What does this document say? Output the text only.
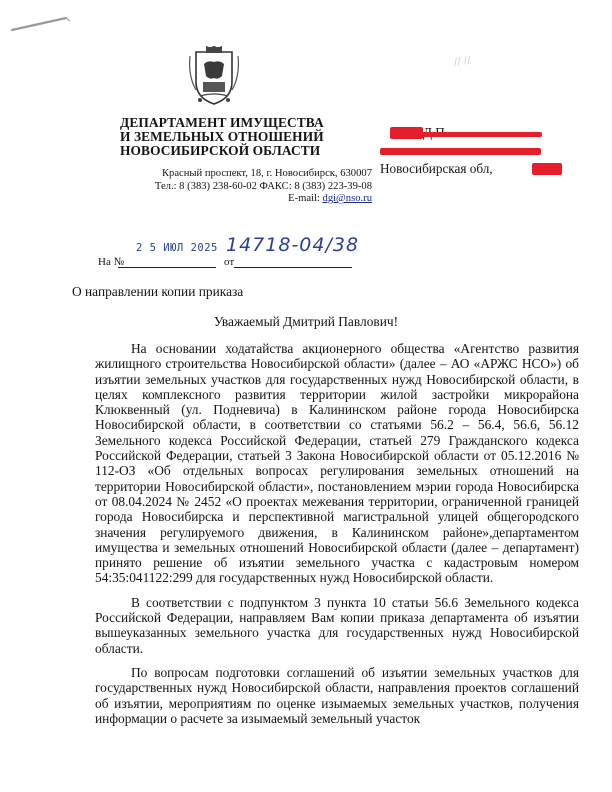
ДЕПАРТАМЕНТ ИМУЩЕСТВА
И ЗЕМЕЛЬНЫХ ОТНОШЕНИЙ
НОВОСИБИРСКОЙ ОБЛАСТИ
Красный проспект, 18, г. Новосибирск, 630007
Тел.: 8 (383) 238-60-02 ФАКС: 8 (383) 223-39-08
E-mail: dgi@nso.ru
2 5 ИЮЛ 2025 14718-04/38
На №	от
∕∕ ∕∕
Новосибирская обл,
О направлении копии приказа
Уважаемый Дмитрий Павлович!

На основании ходатайства акционерного общества «Агентство развития жилищного строительства Новосибирской области» (далее – АО «АРЖС НСО») об изъятии земельных участков для государственных нужд Новосибирской области, в целях комплексного развития территории жилой застройки микрорайона Клюквенный (ул. Подневича) в Калининском районе города Новосибирска Новосибирской области, в соответствии со статьями 56.2 – 56.4, 56.6, 56.12 Земельного кодекса Российской Федерации, статьей 279 Гражданского кодекса Российской Федерации, статьей 3 Закона Новосибирской области от 05.12.2016 № 112-ОЗ «Об отдельных вопросах регулирования земельных отношений на территории Новосибирской области», постановлением мэрии города Новосибирска от 08.04.2024 № 2452 «О проектах межевания территории, ограниченной границей города Новосибирска и перспективной магистральной улицей общегородского значения регулируемого движения, в Калининском районе»,департаментом имущества и земельных отношений Новосибирской области (далее – департамент) принято решение об изъятии земельного участка с кадастровым номером 54:35:041122:299 для государственных нужд Новосибирской области.

В соответствии с подпунктом 3 пункта 10 статьи 56.6 Земельного кодекса Российской Федерации, направляем Вам копии приказа департамента об изъятии вышеуказанных земельного участка для государственных нужд Новосибирской области.

По вопросам подготовки соглашений об изъятии земельных участков для государственных нужд Новосибирской области, направления проектов соглашений об изъятии, мероприятиям по оценке изымаемых земельных участков, получения информации о расчете за изымаемый земельный участок
